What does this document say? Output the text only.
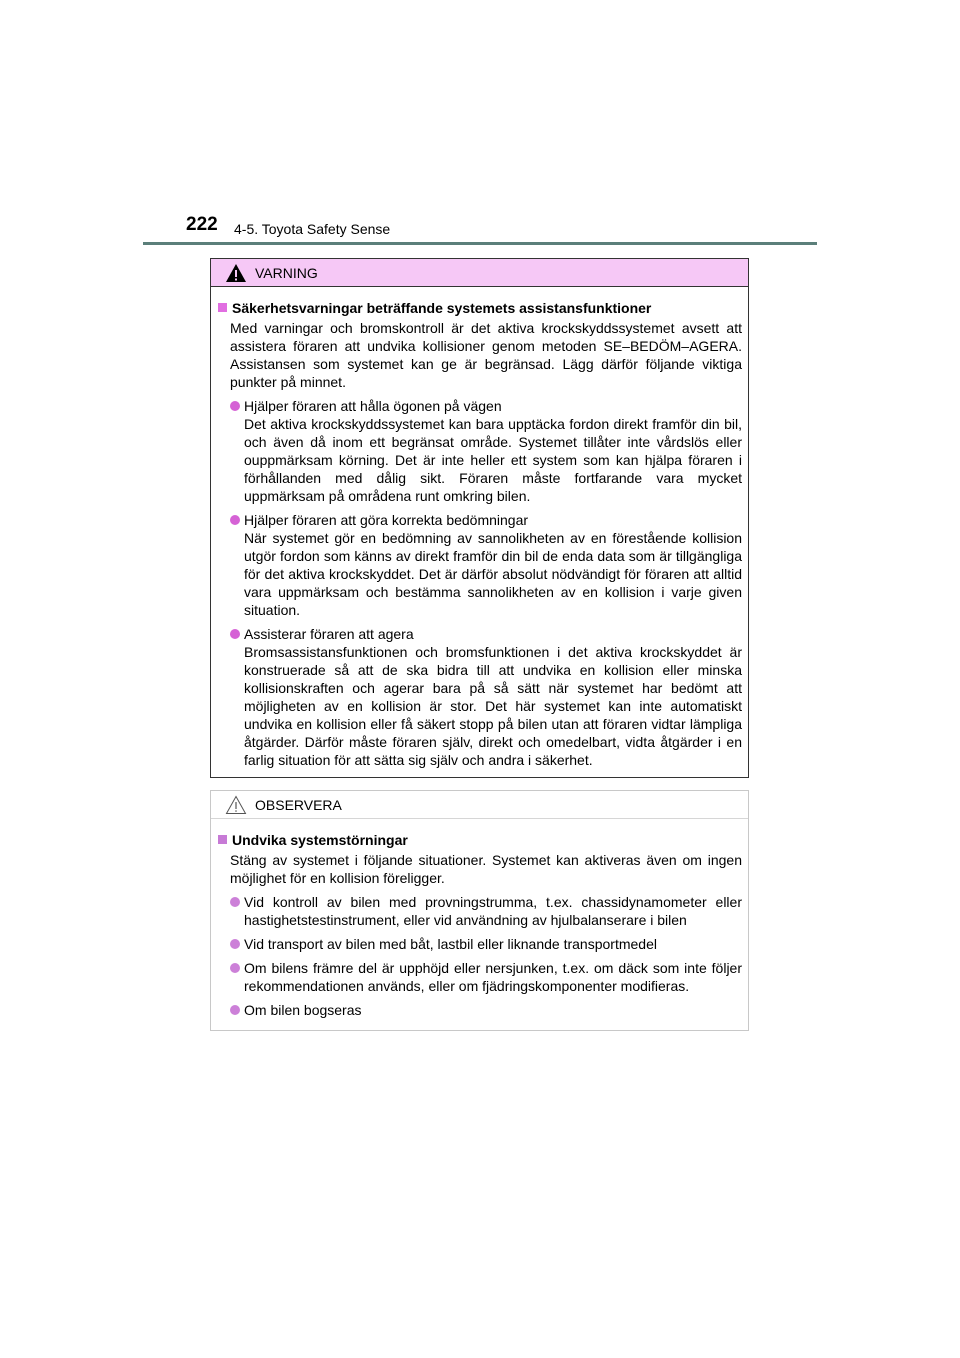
222 4-5. Toyota Safety Sense
VARNING
Säkerhetsvarningar beträffande systemets assistansfunktioner
Med varningar och bromskontroll är det aktiva krockskyddssystemet avsett att assistera föraren att undvika kollisioner genom metoden SE–BEDÖM–AGERA. Assistansen som systemet kan ge är begränsad. Lägg därför följande viktiga punkter på minnet.
Hjälper föraren att hålla ögonen på vägen
Det aktiva krockskyddssystemet kan bara upptäcka fordon direkt framför din bil, och även då inom ett begränsat område. Systemet tillåter inte vårdslös eller ouppmärksam körning. Det är inte heller ett system som kan hjälpa föraren i förhållanden med dålig sikt. Föraren måste fortfarande vara mycket uppmärksam på områdena runt omkring bilen.
Hjälper föraren att göra korrekta bedömningar
När systemet gör en bedömning av sannolikheten av en förestående kollision utgör fordon som känns av direkt framför din bil de enda data som är tillgängliga för det aktiva krockskyddet. Det är därför absolut nödvändigt för föraren att alltid vara uppmärksam och bestämma sannolikheten av en kollision i varje given situation.
Assisterar föraren att agera
Bromsassistansfunktionen och bromsfunktionen i det aktiva krockskyddet är konstruerade så att de ska bidra till att undvika en kollision eller minska kollisionskraften och agerar bara på så sätt när systemet har bedömt att möjligheten av en kollision är stor. Det här systemet kan inte automatiskt undvika en kollision eller få säkert stopp på bilen utan att föraren vidtar lämpliga åtgärder. Därför måste föraren själv, direkt och omedelbart, vidta åtgärder i en farlig situation för att sätta sig själv och andra i säkerhet.
OBSERVERA
Undvika systemstörningar
Stäng av systemet i följande situationer. Systemet kan aktiveras även om ingen möjlighet för en kollision föreligger.
Vid kontroll av bilen med provningstrumma, t.ex. chassidynamometer eller hastighetstestinstrument, eller vid användning av hjulbalanserare i bilen
Vid transport av bilen med båt, lastbil eller liknande transportmedel
Om bilens främre del är upphöjd eller nersjunken, t.ex. om däck som inte följer rekommendationen används, eller om fjädringskomponenter modifieras.
Om bilen bogseras
